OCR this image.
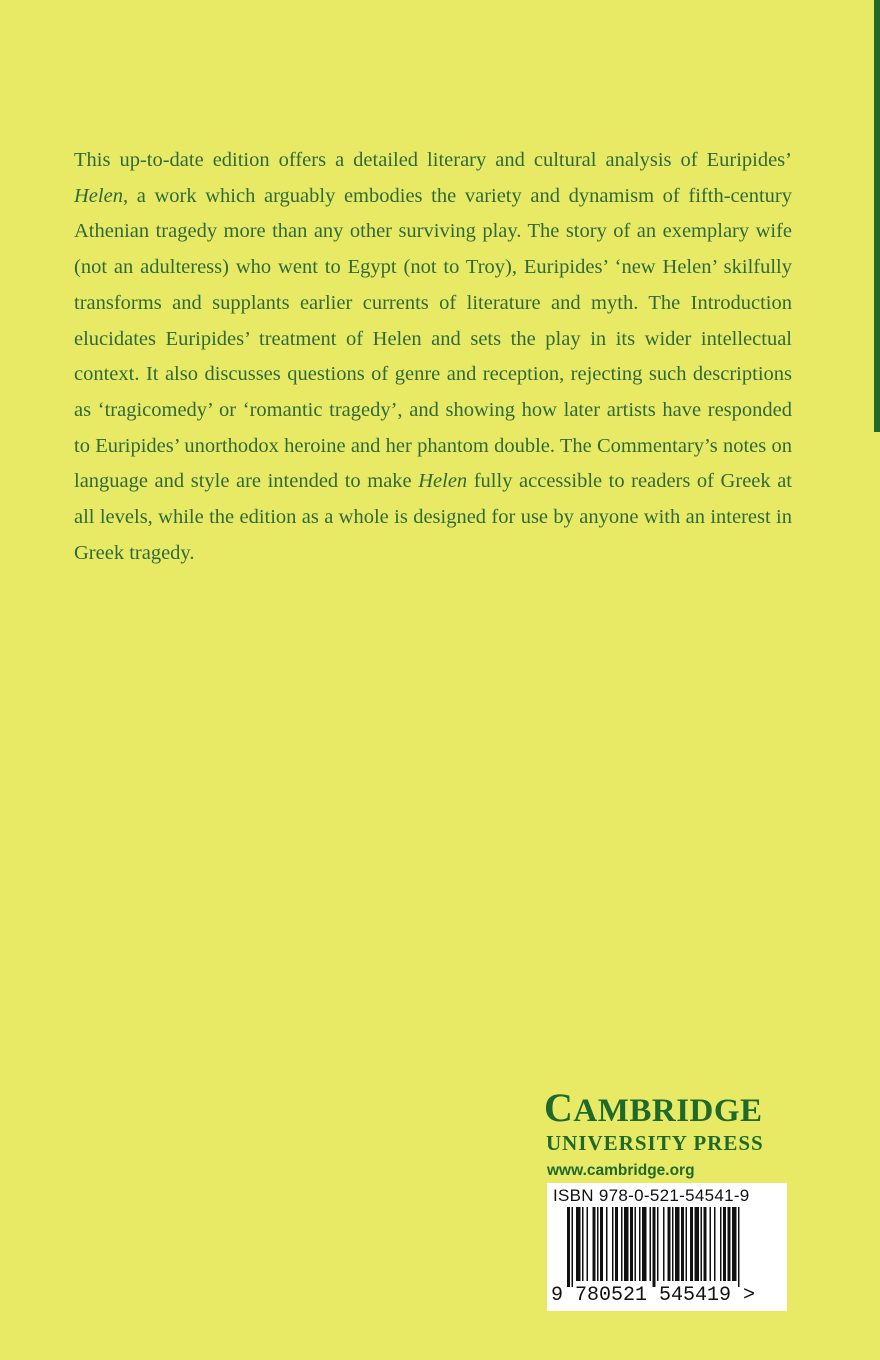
This up-to-date edition offers a detailed literary and cultural analysis of Euripides’ Helen, a work which arguably embodies the variety and dynamism of fifth-century Athenian tragedy more than any other surviving play. The story of an exemplary wife (not an adulteress) who went to Egypt (not to Troy), Euripides’ ‘new Helen’ skilfully transforms and supplants earlier currents of literature and myth. The Introduction elucidates Euripides’ treatment of Helen and sets the play in its wider intellectual context. It also discusses questions of genre and reception, rejecting such descriptions as ‘tragicomedy’ or ‘romantic tragedy’, and showing how later artists have responded to Euripides’ unorthodox heroine and her phantom double. The Commentary’s notes on language and style are intended to make Helen fully accessible to readers of Greek at all levels, while the edition as a whole is designed for use by anyone with an interest in Greek tragedy.

CAMBRIDGE
UNIVERSITY PRESS
www.cambridge.org
ISBN 978-0-521-54541-9
9 780521 545419 >
